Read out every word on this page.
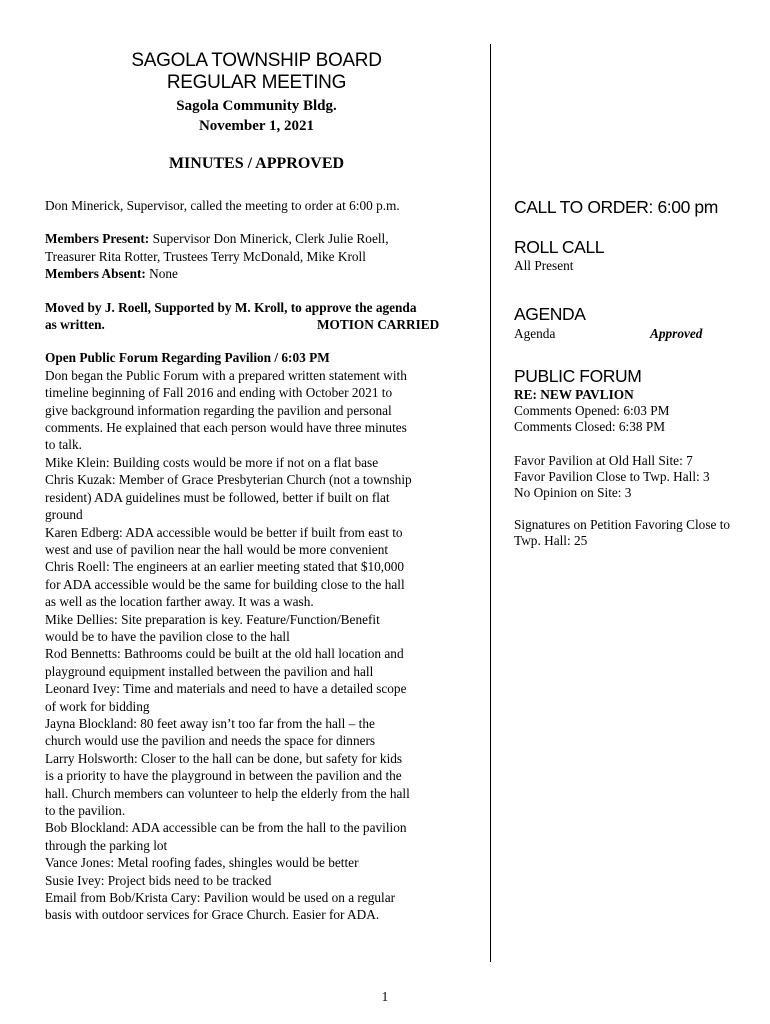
SAGOLA TOWNSHIP BOARD
REGULAR MEETING
Sagola Community Bldg.
November 1, 2021
MINUTES / APPROVED

Don Minerick, Supervisor, called the meeting to order at 6:00 p.m.

Members Present: Supervisor Don Minerick, Clerk Julie Roell,

Treasurer Rita Rotter, Trustees Terry McDonald, Mike Kroll

Members Absent: None

Moved by J. Roell, Supported by M. Kroll, to approve the agenda

as written.	MOTION CARRIED

Open Public Forum Regarding Pavilion / 6:03 PM

Don began the Public Forum with a prepared written statement with

timeline beginning of Fall 2016 and ending with October 2021 to

give background information regarding the pavilion and personal

comments. He explained that each person would have three minutes

to talk.

Mike Klein: Building costs would be more if not on a flat base

Chris Kuzak: Member of Grace Presbyterian Church (not a township

resident) ADA guidelines must be followed, better if built on flat

ground

Karen Edberg: ADA accessible would be better if built from east to

west and use of pavilion near the hall would be more convenient

Chris Roell: The engineers at an earlier meeting stated that $10,000

for ADA accessible would be the same for building close to the hall

as well as the location farther away. It was a wash.

Mike Dellies: Site preparation is key. Feature/Function/Benefit

would be to have the pavilion close to the hall

Rod Bennetts: Bathrooms could be built at the old hall location and

playground equipment installed between the pavilion and hall

Leonard Ivey: Time and materials and need to have a detailed scope

of work for bidding

Jayna Blockland: 80 feet away isn’t too far from the hall – the

church would use the pavilion and needs the space for dinners

Larry Holsworth: Closer to the hall can be done, but safety for kids

is a priority to have the playground in between the pavilion and the

hall. Church members can volunteer to help the elderly from the hall

to the pavilion.

Bob Blockland: ADA accessible can be from the hall to the pavilion

through the parking lot

Vance Jones: Metal roofing fades, shingles would be better

Susie Ivey: Project bids need to be tracked

Email from Bob/Krista Cary: Pavilion would be used on a regular

basis with outdoor services for Grace Church. Easier for ADA.

CALL TO ORDER: 6:00 pm
ROLL CALL
All Present
AGENDA
Agenda	Approved
PUBLIC FORUM
RE: NEW PAVLION
Comments Opened: 6:03 PM
Comments Closed: 6:38 PM
Favor Pavilion at Old Hall Site: 7
Favor Pavilion Close to Twp. Hall: 3
No Opinion on Site: 3
Signatures on Petition Favoring Close to
Twp. Hall: 25
1
